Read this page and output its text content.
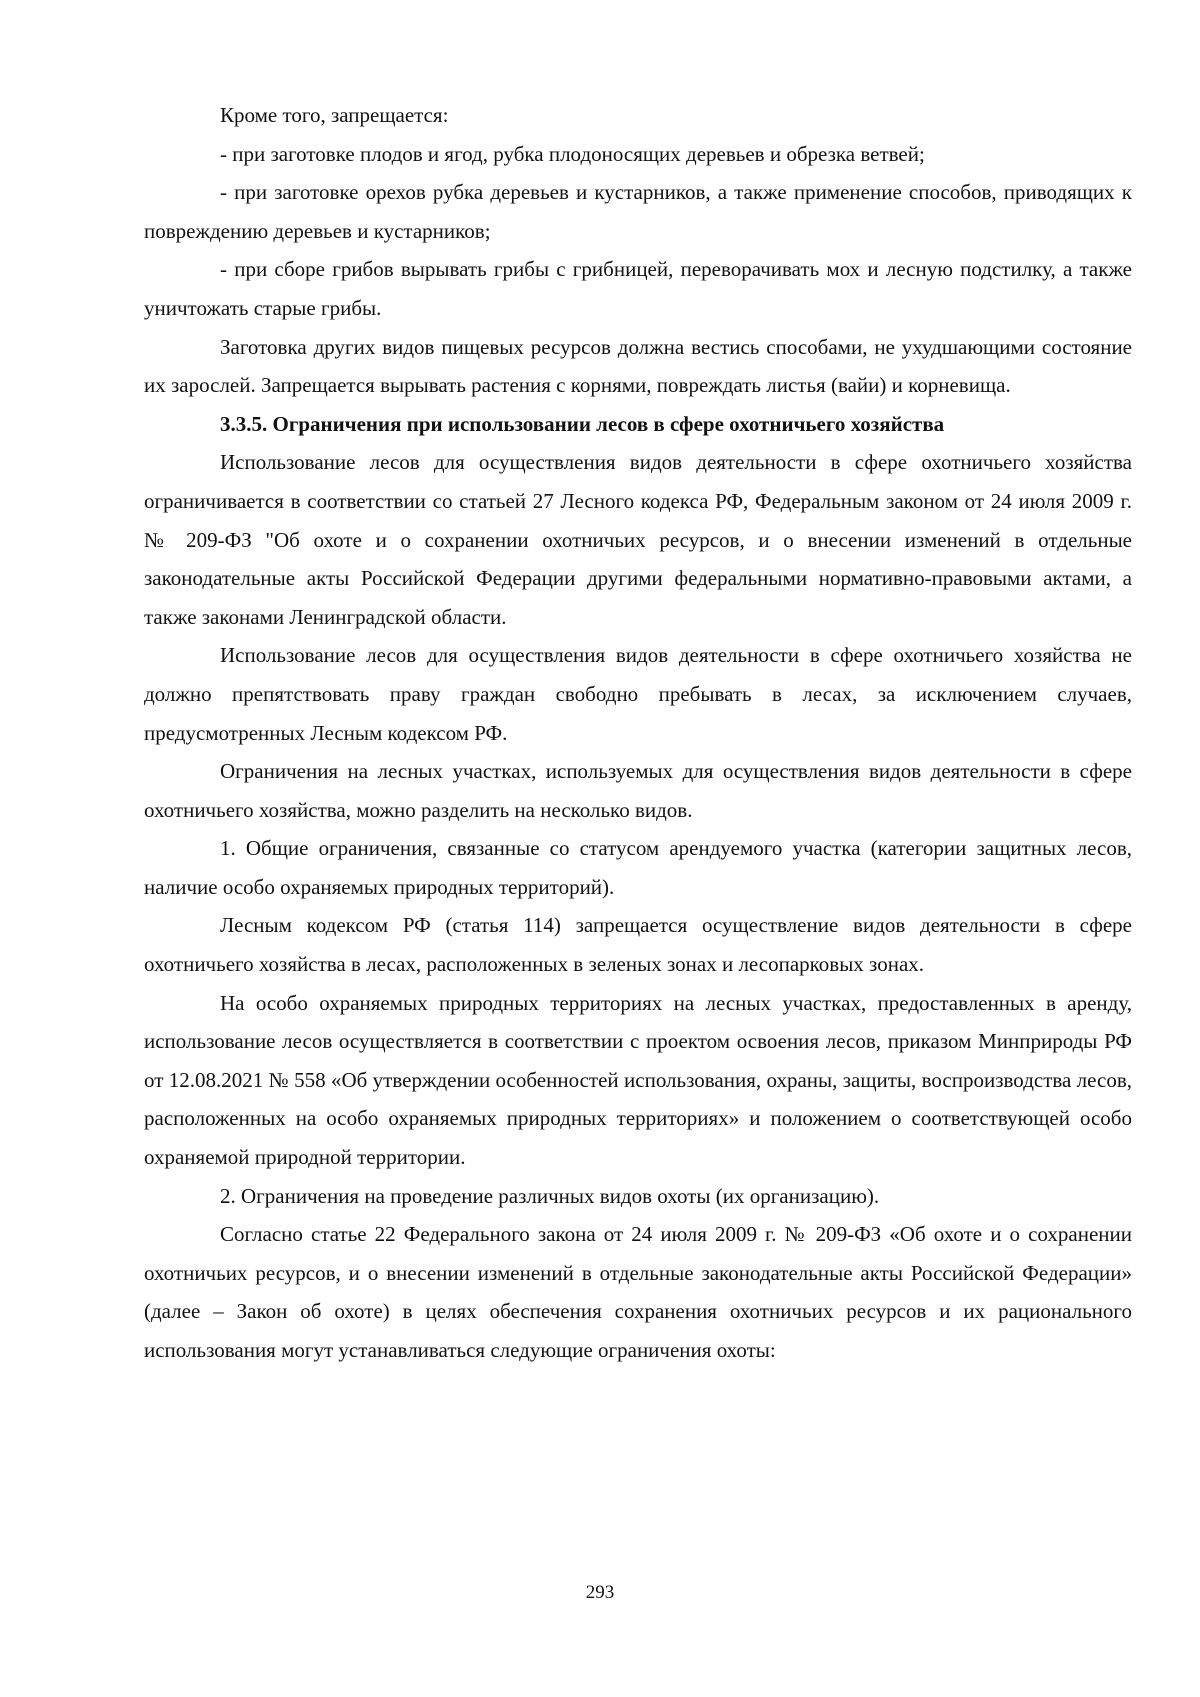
Кроме того, запрещается:

- при заготовке плодов и ягод, рубка плодоносящих деревьев и обрезка ветвей;

- при заготовке орехов рубка деревьев и кустарников, а также применение способов, приводящих к повреждению деревьев и кустарников;

- при сборе грибов вырывать грибы с грибницей, переворачивать мох и лесную подстилку, а также уничтожать старые грибы.

Заготовка других видов пищевых ресурсов должна вестись способами, не ухудшающими состояние их зарослей. Запрещается вырывать растения с корнями, повреждать листья (вайи) и корневища.

3.3.5. Ограничения при использовании лесов в сфере охотничьего хозяйства

Использование лесов для осуществления видов деятельности в сфере охотничьего хозяйства ограничивается в соответствии со статьей 27 Лесного кодекса РФ, Федеральным законом от 24 июля 2009 г. № 209-ФЗ "Об охоте и о сохранении охотничьих ресурсов, и о внесении изменений в отдельные законодательные акты Российской Федерации другими федеральными нормативно-правовыми актами, а также законами Ленинградской области.

Использование лесов для осуществления видов деятельности в сфере охотничьего хозяйства не должно препятствовать праву граждан свободно пребывать в лесах, за исключением случаев, предусмотренных Лесным кодексом РФ.

Ограничения на лесных участках, используемых для осуществления видов деятельности в сфере охотничьего хозяйства, можно разделить на несколько видов.

1. Общие ограничения, связанные со статусом арендуемого участка (категории защитных лесов, наличие особо охраняемых природных территорий).

Лесным кодексом РФ (статья 114) запрещается осуществление видов деятельности в сфере охотничьего хозяйства в лесах, расположенных в зеленых зонах и лесопарковых зонах.

На особо охраняемых природных территориях на лесных участках, предоставленных в аренду, использование лесов осуществляется в соответствии с проектом освоения лесов, приказом Минприроды РФ от 12.08.2021 № 558 «Об утверждении особенностей использования, охраны, защиты, воспроизводства лесов, расположенных на особо охраняемых природных территориях» и положением о соответствующей особо охраняемой природной территории.

2. Ограничения на проведение различных видов охоты (их организацию).

Согласно статье 22 Федерального закона от 24 июля 2009 г. № 209-ФЗ «Об охоте и о сохранении охотничьих ресурсов, и о внесении изменений в отдельные законодательные акты Российской Федерации» (далее – Закон об охоте) в целях обеспечения сохранения охотничьих ресурсов и их рационального использования могут устанавливаться следующие ограничения охоты:

293
